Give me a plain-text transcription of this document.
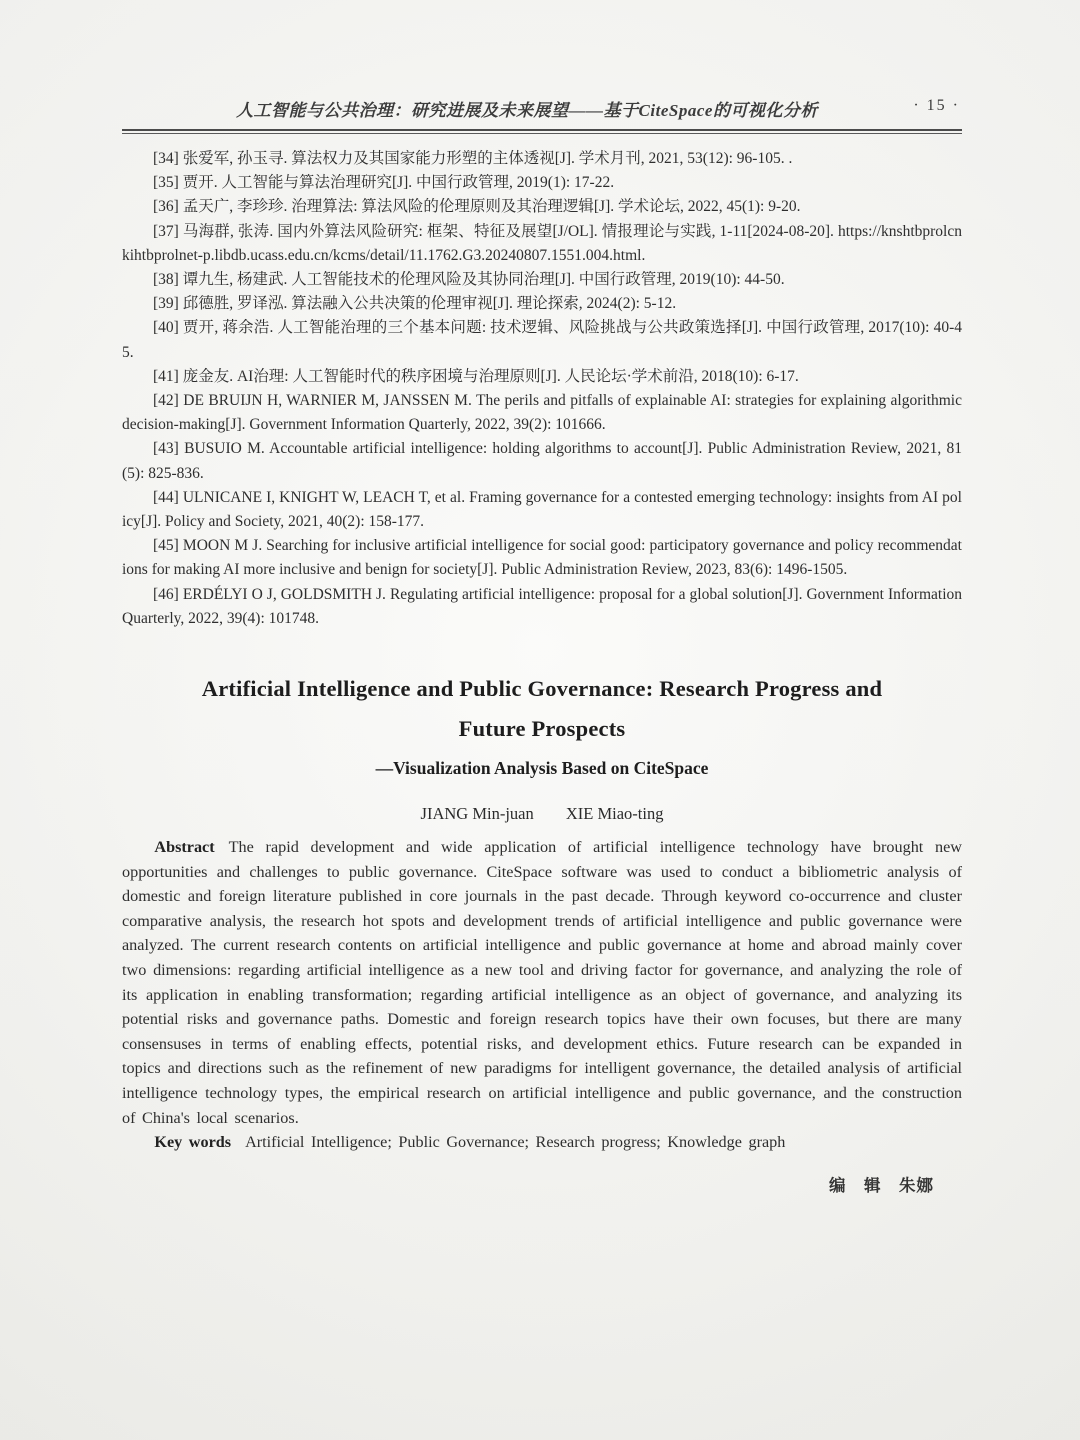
人工智能与公共治理：研究进展及未来展望——基于CiteSpace的可视化分析	· 15 ·

[34] 张爱军, 孙玉寻. 算法权力及其国家能力形塑的主体透视[J]. 学术月刊, 2021, 53(12): 96-105. .

[35] 贾开. 人工智能与算法治理研究[J]. 中国行政管理, 2019(1): 17-22.

[36] 孟天广, 李珍珍. 治理算法: 算法风险的伦理原则及其治理逻辑[J]. 学术论坛, 2022, 45(1): 9-20.

[37] 马海群, 张涛. 国内外算法风险研究: 框架、特征及展望[J/OL]. 情报理论与实践, 1-11[2024-08-20]. https://knshtbprolcnkihtbprolnet-p.libdb.ucass.edu.cn/kcms/detail/11.1762.G3.20240807.1551.004.html.

[38] 谭九生, 杨建武. 人工智能技术的伦理风险及其协同治理[J]. 中国行政管理, 2019(10): 44-50.

[39] 邱德胜, 罗译泓. 算法融入公共决策的伦理审视[J]. 理论探索, 2024(2): 5-12.

[40] 贾开, 蒋余浩. 人工智能治理的三个基本问题: 技术逻辑、风险挑战与公共政策选择[J]. 中国行政管理, 2017(10): 40-45.

[41] 庞金友. AI治理: 人工智能时代的秩序困境与治理原则[J]. 人民论坛·学术前沿, 2018(10): 6-17.

[42] DE BRUIJN H, WARNIER M, JANSSEN M. The perils and pitfalls of explainable AI: strategies for explaining algorithmic decision-making[J]. Government Information Quarterly, 2022, 39(2): 101666.

[43] BUSUIO M. Accountable artificial intelligence: holding algorithms to account[J]. Public Administration Review, 2021, 81(5): 825-836.

[44] ULNICANE I, KNIGHT W, LEACH T, et al. Framing governance for a contested emerging technology: insights from AI policy[J]. Policy and Society, 2021, 40(2): 158-177.

[45] MOON M J. Searching for inclusive artificial intelligence for social good: participatory governance and policy recommendations for making AI more inclusive and benign for society[J]. Public Administration Review, 2023, 83(6): 1496-1505.

[46] ERDÉLYI O J, GOLDSMITH J. Regulating artificial intelligence: proposal for a global solution[J]. Government Information Quarterly, 2022, 39(4): 101748.

Artificial Intelligence and Public Governance: Research Progress and
Future Prospects
—Visualization Analysis Based on CiteSpace
JIANG Min-juan XIE Miao-ting

Abstract The rapid development and wide application of artificial intelligence technology have brought new opportunities and challenges to public governance. CiteSpace software was used to conduct a bibliometric analysis of domestic and foreign literature published in core journals in the past decade. Through keyword co-occurrence and cluster comparative analysis, the research hot spots and development trends of artificial intelligence and public governance were analyzed. The current research contents on artificial intelligence and public governance at home and abroad mainly cover two dimensions: regarding artificial intelligence as a new tool and driving factor for governance, and analyzing the role of its application in enabling transformation; regarding artificial intelligence as an object of governance, and analyzing its potential risks and governance paths. Domestic and foreign research topics have their own focuses, but there are many consensuses in terms of enabling effects, potential risks, and development ethics. Future research can be expanded in topics and directions such as the refinement of new paradigms for intelligent governance, the detailed analysis of artificial intelligence technology types, the empirical research on artificial intelligence and public governance, and the construction of China's local scenarios.

Key words Artificial Intelligence; Public Governance; Research progress; Knowledge graph

编　辑　朱娜
